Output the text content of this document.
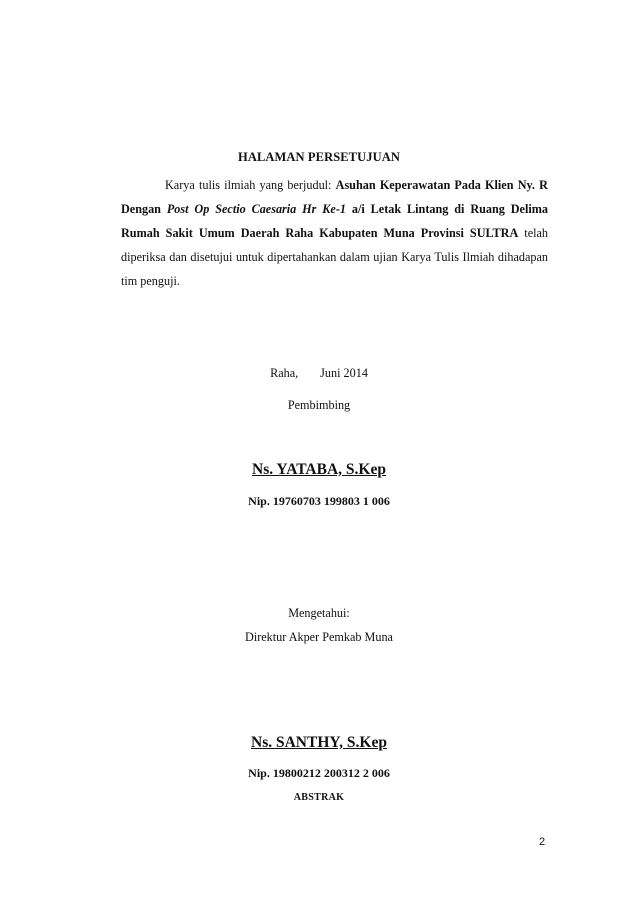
HALAMAN PERSETUJUAN
Karya tulis ilmiah yang berjudul: Asuhan Keperawatan Pada Klien Ny. R Dengan Post Op Sectio Caesaria Hr Ke-1 a/i Letak Lintang di Ruang Delima Rumah Sakit Umum Daerah Raha Kabupaten Muna Provinsi SULTRA telah diperiksa dan disetujui untuk dipertahankan dalam ujian Karya Tulis Ilmiah dihadapan tim penguji.
Raha, Juni 2014
Pembimbing
Ns. YATABA, S.Kep
Nip. 19760703 199803 1 006
Mengetahui:
Direktur Akper Pemkab Muna
Ns. SANTHY, S.Kep
Nip. 19800212 200312 2 006
ABSTRAK
2
